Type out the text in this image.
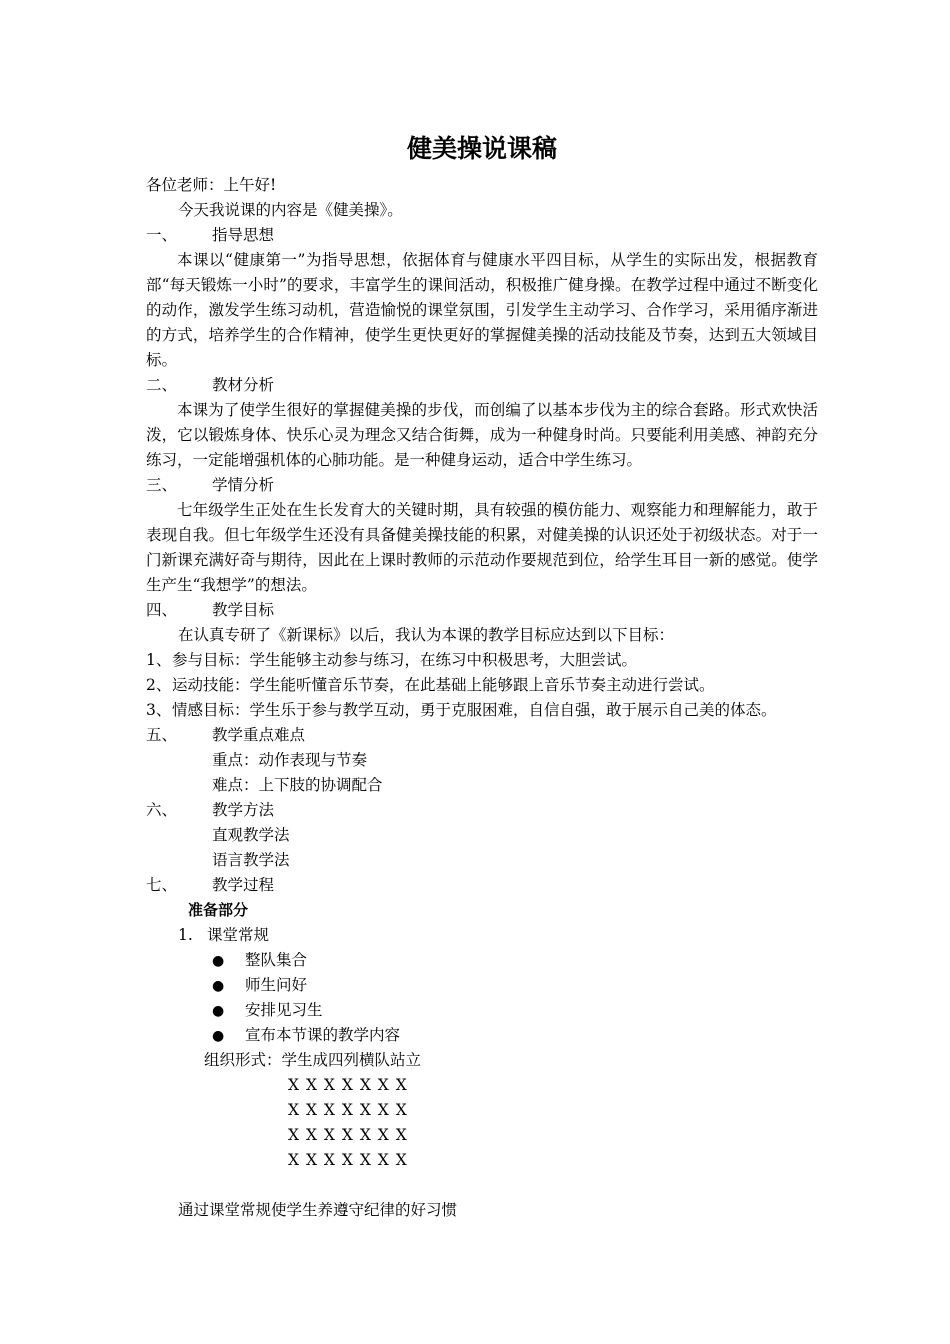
健美操说课稿
各位老师：上午好!
今天我说课的内容是《健美操》。
一、 指导思想
本课以“健康第一”为指导思想，依据体育与健康水平四目标，从学生的实际出发，根据教育部“每天锻炼一小时”的要求，丰富学生的课间活动，积极推广健身操。在教学过程中通过不断变化的动作，激发学生练习动机，营造愉悦的课堂氛围，引发学生主动学习、合作学习，采用循序渐进的方式，培养学生的合作精神，使学生更快更好的掌握健美操的活动技能及节奏，达到五大领域目标。
二、 教材分析
本课为了使学生很好的掌握健美操的步伐，而创编了以基本步伐为主的综合套路。形式欢快活泼，它以锻炼身体、快乐心灵为理念又结合街舞，成为一种健身时尚。只要能利用美感、神韵充分练习，一定能增强机体的心肺功能。是一种健身运动，适合中学生练习。
三、 学情分析
七年级学生正处在生长发育大的关键时期，具有较强的模仿能力、观察能力和理解能力，敢于表现自我。但七年级学生还没有具备健美操技能的积累，对健美操的认识还处于初级状态。对于一门新课充满好奇与期待，因此在上课时教师的示范动作要规范到位，给学生耳目一新的感觉。使学生产生“我想学”的想法。
四、 教学目标
在认真专研了《新课标》以后，我认为本课的教学目标应达到以下目标：
1、参与目标：学生能够主动参与练习，在练习中积极思考，大胆尝试。
2、运动技能：学生能听懂音乐节奏，在此基础上能够跟上音乐节奏主动进行尝试。
3、情感目标：学生乐于参与教学互动，勇于克服困难，自信自强，敢于展示自己美的体态。
五、 教学重点难点
重点：动作表现与节奏
难点：上下肢的协调配合
六、 教学方法
直观教学法
语言教学法
七、 教学过程
准备部分
1. 课堂常规
● 整队集合
● 师生问好
● 安排见习生
● 宣布本节课的教学内容
组织形式：学生成四列横队站立
X X X X X X X
X X X X X X X
X X X X X X X
X X X X X X X
通过课堂常规使学生养遵守纪律的好习惯
